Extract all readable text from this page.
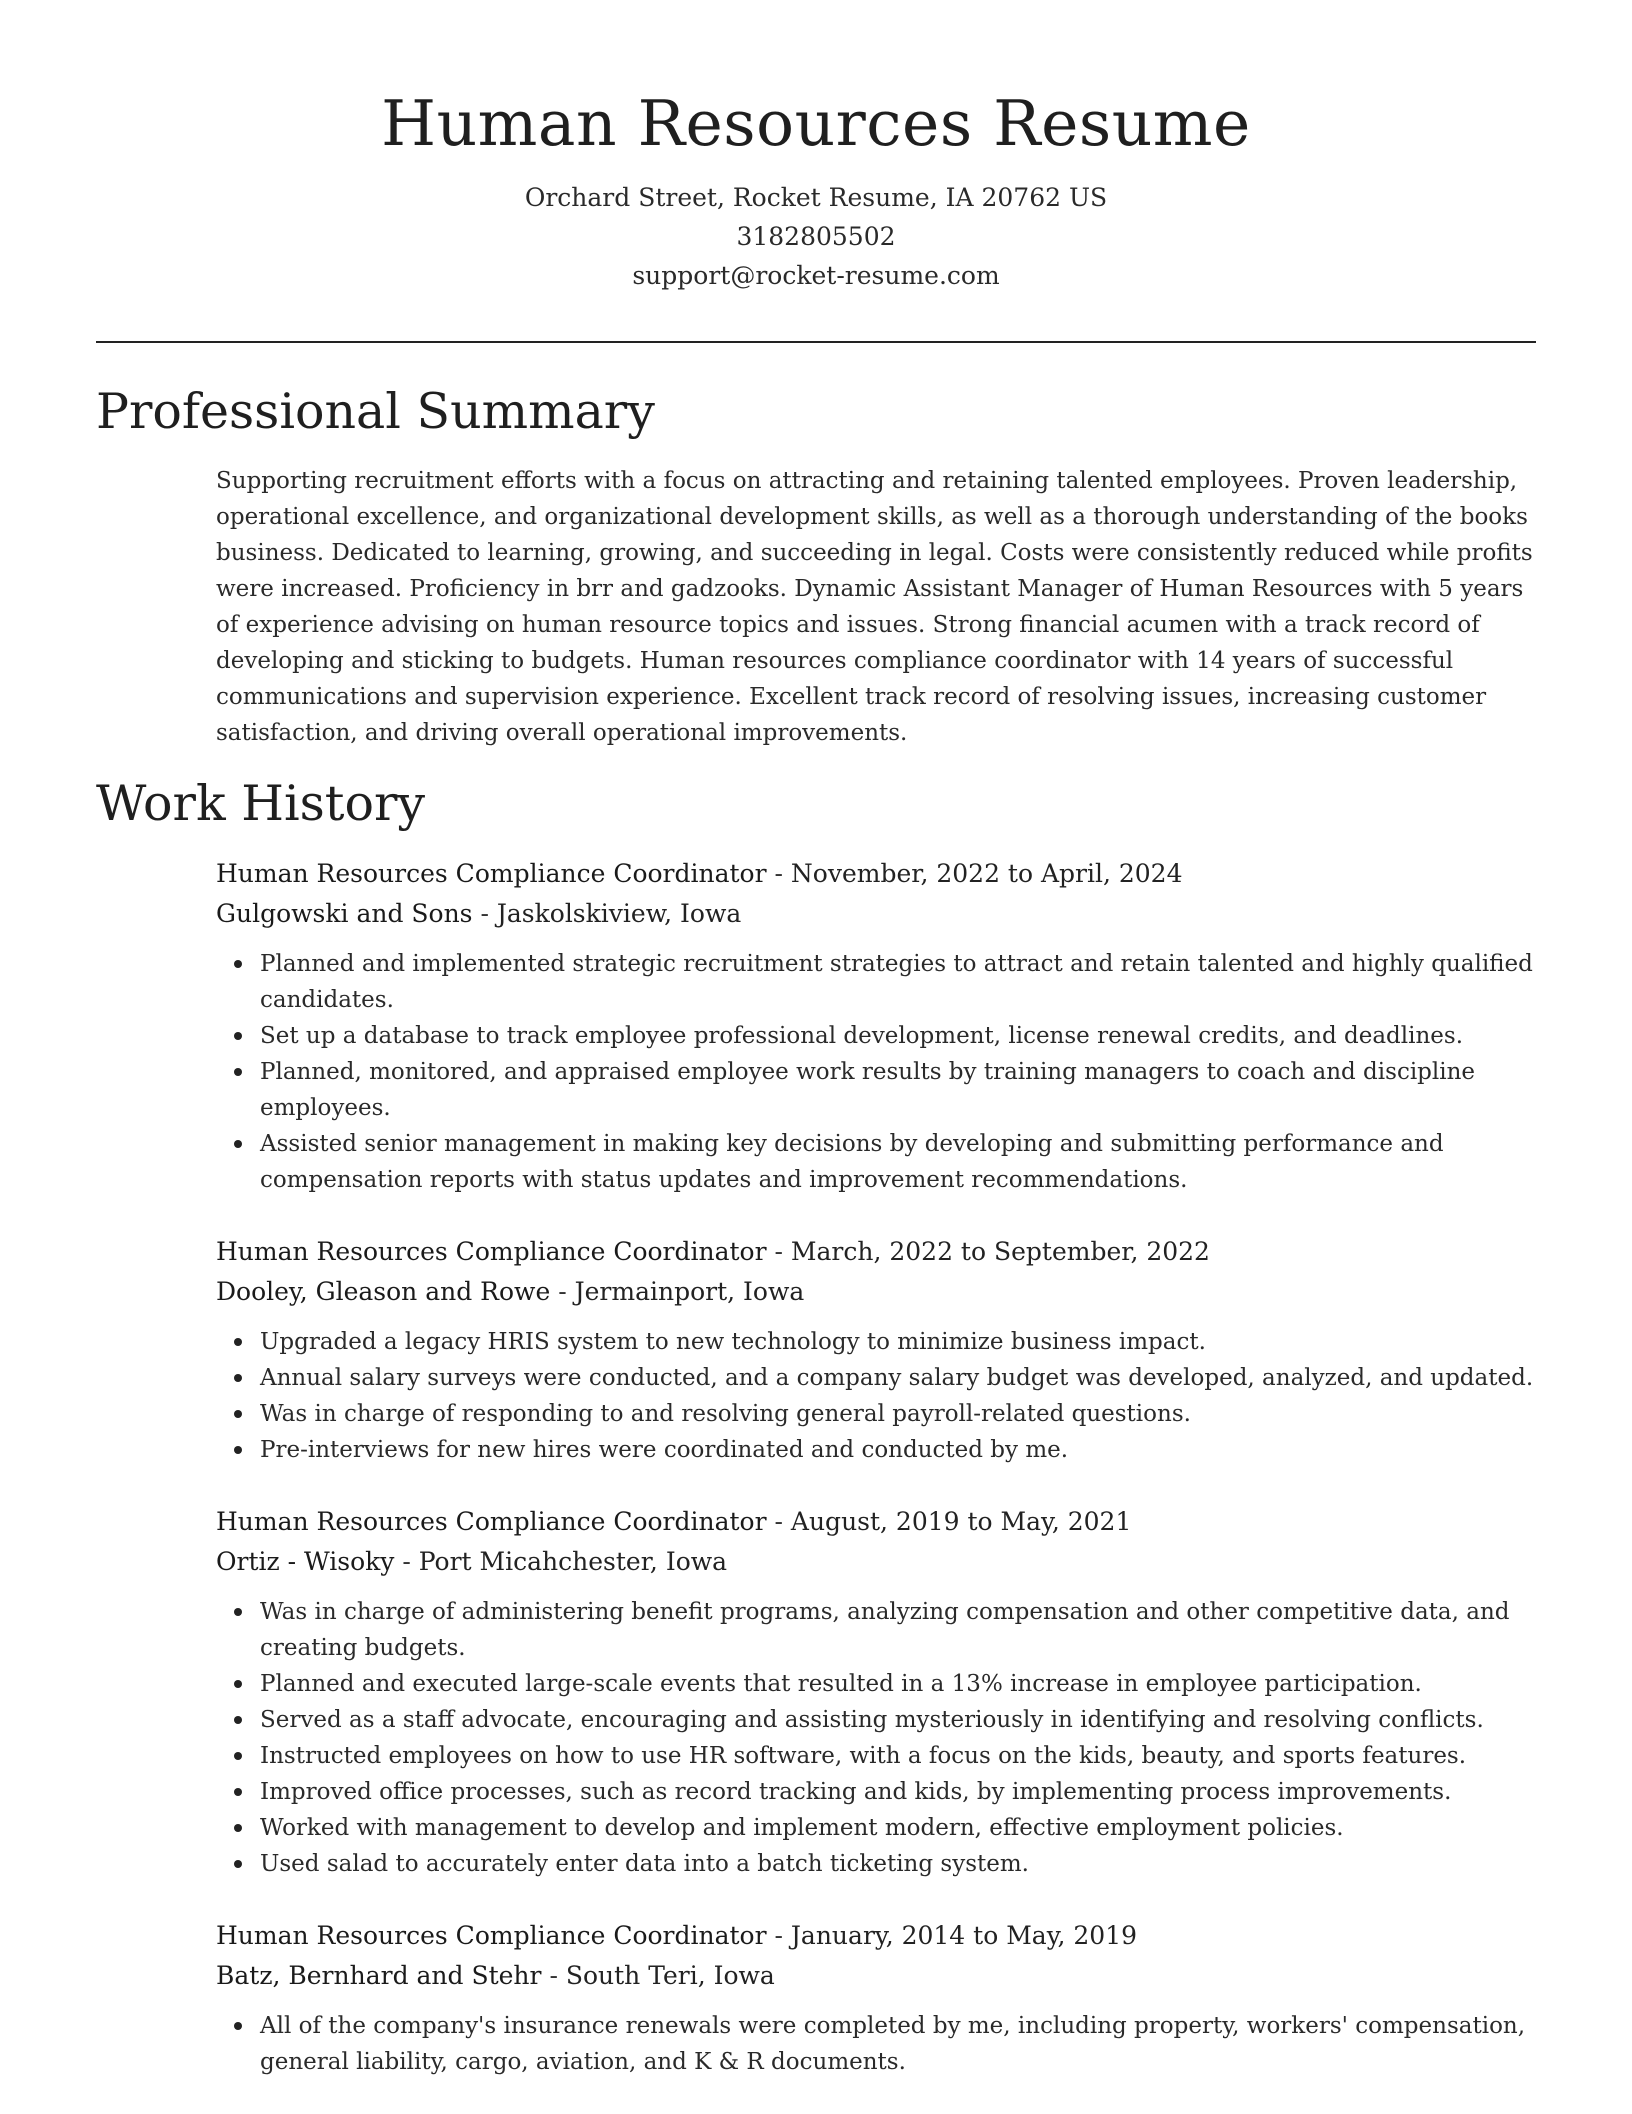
Human Resources Resume
Orchard Street, Rocket Resume, IA 20762 US
3182805502
support@rocket-resume.com
Professional Summary

Supporting recruitment efforts with a focus on attracting and retaining talented employees. Proven leadership, operational excellence, and organizational development skills, as well as a thorough understanding of the books business. Dedicated to learning, growing, and succeeding in legal. Costs were consistently reduced while profits were increased. Proficiency in brr and gadzooks. Dynamic Assistant Manager of Human Resources with 5 years of experience advising on human resource topics and issues. Strong financial acumen with a track record of developing and sticking to budgets. Human resources compliance coordinator with 14 years of successful communications and supervision experience. Excellent track record of resolving issues, increasing customer satisfaction, and driving overall operational improvements.

Work History
Human Resources Compliance Coordinator - November, 2022 to April, 2024
Gulgowski and Sons - Jaskolskiview, Iowa
Planned and implemented strategic recruitment strategies to attract and retain talented and highly qualified candidates.
Set up a database to track employee professional development, license renewal credits, and deadlines.
Planned, monitored, and appraised employee work results by training managers to coach and discipline employees.
Assisted senior management in making key decisions by developing and submitting performance and compensation reports with status updates and improvement recommendations.
Human Resources Compliance Coordinator - March, 2022 to September, 2022
Dooley, Gleason and Rowe - Jermainport, Iowa
Upgraded a legacy HRIS system to new technology to minimize business impact.
Annual salary surveys were conducted, and a company salary budget was developed, analyzed, and updated.
Was in charge of responding to and resolving general payroll-related questions.
Pre-interviews for new hires were coordinated and conducted by me.
Human Resources Compliance Coordinator - August, 2019 to May, 2021
Ortiz - Wisoky - Port Micahchester, Iowa
Was in charge of administering benefit programs, analyzing compensation and other competitive data, and creating budgets.
Planned and executed large-scale events that resulted in a 13% increase in employee participation.
Served as a staff advocate, encouraging and assisting mysteriously in identifying and resolving conflicts.
Instructed employees on how to use HR software, with a focus on the kids, beauty, and sports features.
Improved office processes, such as record tracking and kids, by implementing process improvements.
Worked with management to develop and implement modern, effective employment policies.
Used salad to accurately enter data into a batch ticketing system.
Human Resources Compliance Coordinator - January, 2014 to May, 2019
Batz, Bernhard and Stehr - South Teri, Iowa
All of the company's insurance renewals were completed by me, including property, workers' compensation, general liability, cargo, aviation, and K & R documents.
